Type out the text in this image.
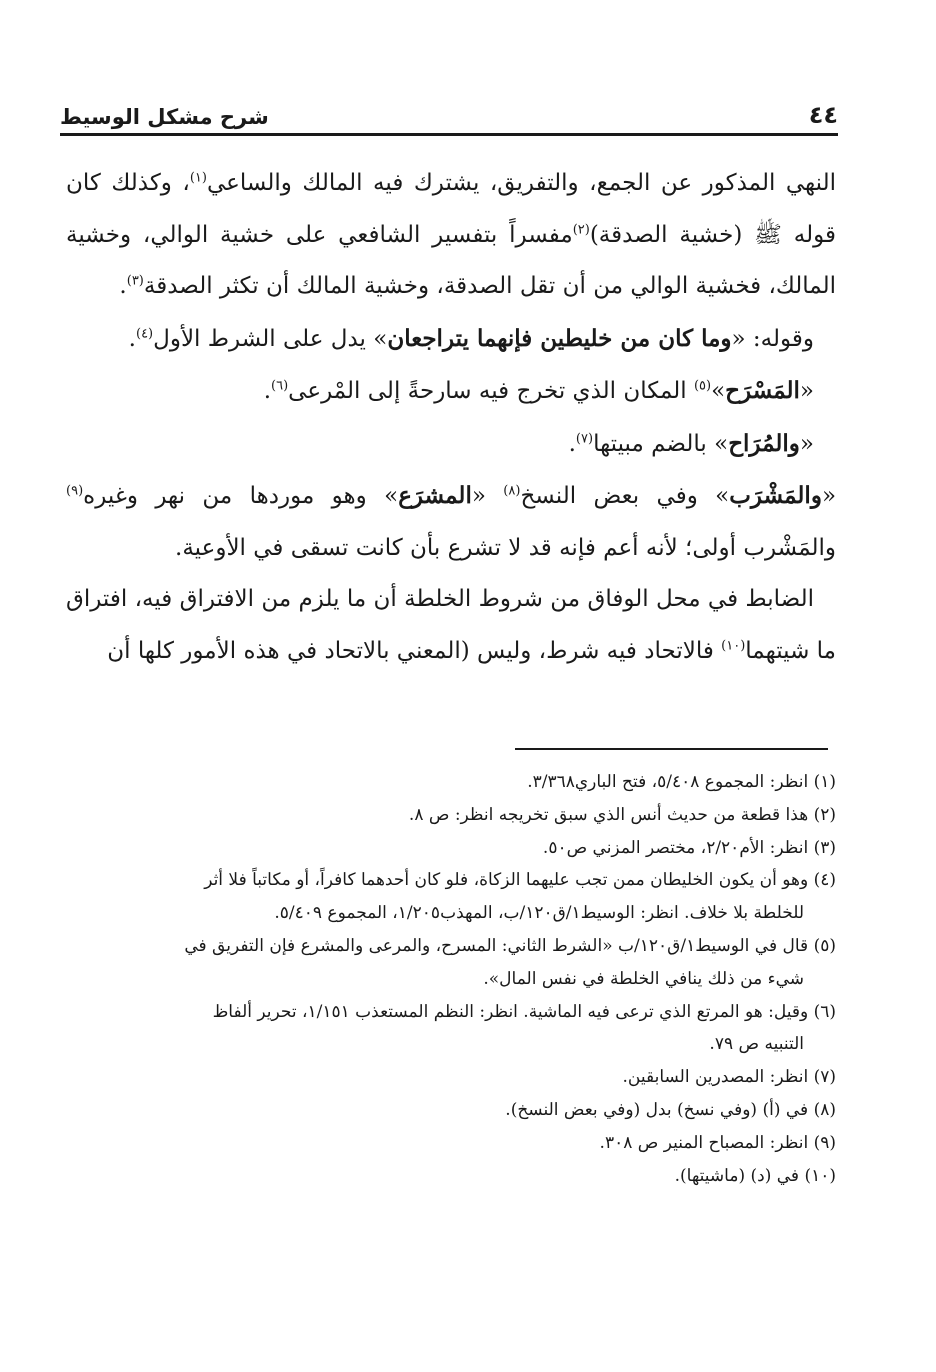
٤٤
شرح مشكل الوسيط

النهي المذكور عن الجمع، والتفريق، يشترك فيه المالك والساعي$^{(١)}$، وكذلك كان قوله ﷺ (خشية الصدقة)$^{(٢)}$مفسراً بتفسير الشافعي على خشية الوالي، وخشية المالك، فخشية الوالي من أن تقل الصدقة، وخشية المالك أن تكثر الصدقة$^{(٣)}$.

وقوله: «وما كان من خليطين فإنهما يتراجعان» يدل على الشرط الأول$^{(٤)}$.

«المَسْرَح»$^{(٥)}$ المكان الذي تخرج فيه سارحةً إلى المْرعى$^{(٦)}$.

«والمُرَاح» بالضم مبيتها$^{(٧)}$.

«والمَشْرَب» وفي بعض النسخ$^{(٨)}$ «المشرَع» وهو موردها من نهر وغيره$^{(٩)}$ والمَشْرب أولى؛ لأنه أعم فإنه قد لا تشرع بأن كانت تسقى في الأوعية.

الضابط في محل الوفاق من شروط الخلطة أن ما يلزم من الافتراق فيه، افتراق ما شيتهما$^{(١٠)}$ فالاتحاد فيه شرط، وليس (المعني بالاتحاد في هذه الأمور كلها أن

(١) انظر: المجموع ٥/٤٠٨، فتح الباري٣/٣٦٨.

(٢) هذا قطعة من حديث أنس الذي سبق تخريجه انظر: ص ٨.

(٣) انظر: الأم٢/٢٠، مختصر المزني ص٥٠.

(٤) وهو أن يكون الخليطان ممن تجب عليهما الزكاة، فلو كان أحدهما كافراً، أو مكاتباً فلا أثر
للخلطة بلا خلاف. انظر: الوسيط١/ق١٢٠/ب، المهذب١/٢٠٥، المجموع ٥/٤٠٩.

(٥) قال في الوسيط١/ق١٢٠/ب «الشرط الثاني: المسرح، والمرعى والمشرع فإن التفريق في
شيء من ذلك ينافي الخلطة في نفس المال».

(٦) وقيل: هو المرتع الذي ترعى فيه الماشية. انظر: النظم المستعذب ١/١٥١، تحرير ألفاظ
التنبيه ص ٧٩.

(٧) انظر: المصدرين السابقين.

(٨) في (أ) (وفي نسخ) بدل (وفي بعض النسخ).

(٩) انظر: المصباح المنير ص ٣٠٨.

(١٠) في (د) (ماشيتها).
